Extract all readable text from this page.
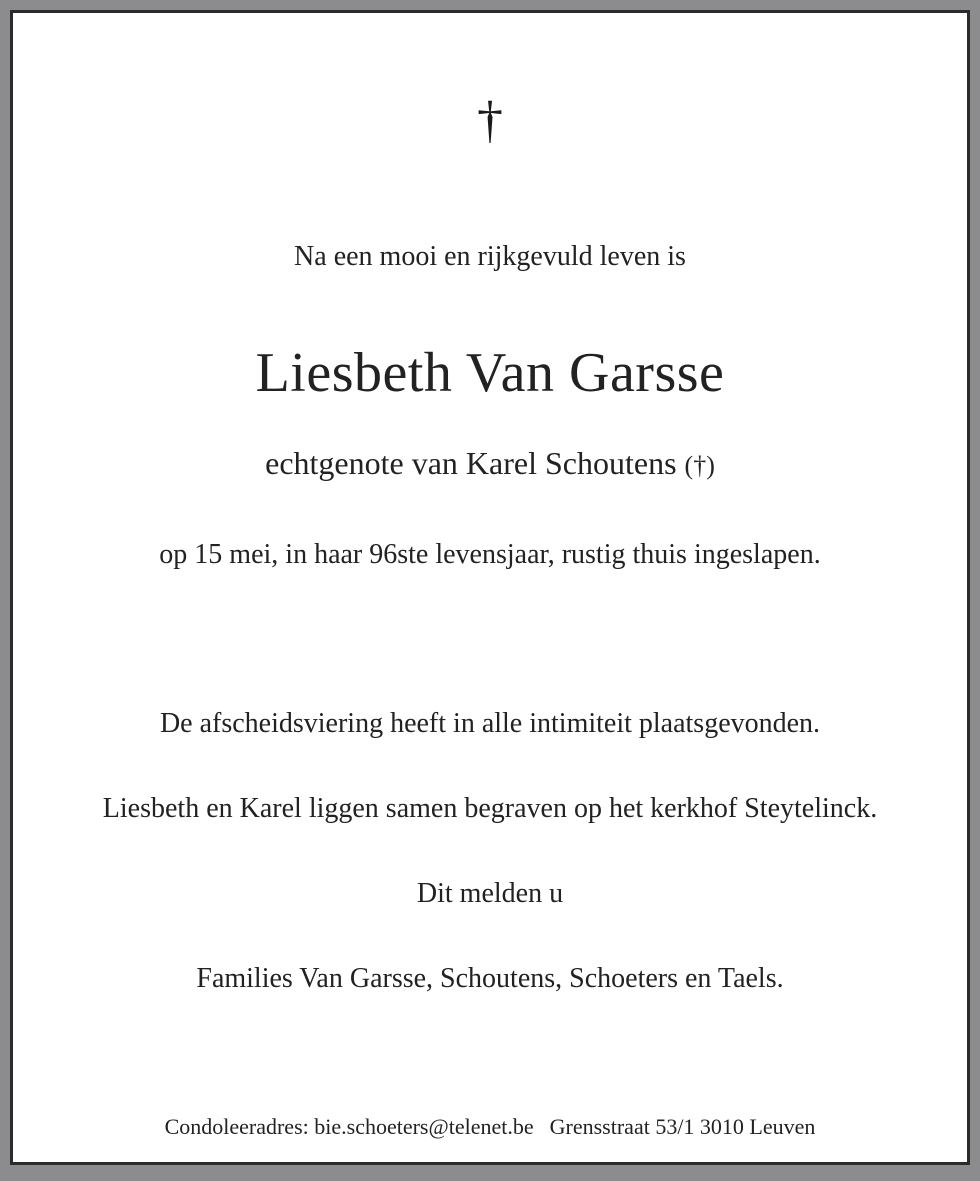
†
Na een mooi en rijkgevuld leven is
Liesbeth Van Garsse
echtgenote van Karel Schoutens (†)
op 15 mei, in haar 96ste levensjaar, rustig thuis ingeslapen.
De afscheidsviering heeft in alle intimiteit plaatsgevonden.
Liesbeth en Karel liggen samen begraven op het kerkhof Steytelinck.
Dit melden u
Families Van Garsse, Schoutens, Schoeters en Taels.
Condoleeradres: bie.schoeters@telenet.be Grensstraat 53/1 3010 Leuven
